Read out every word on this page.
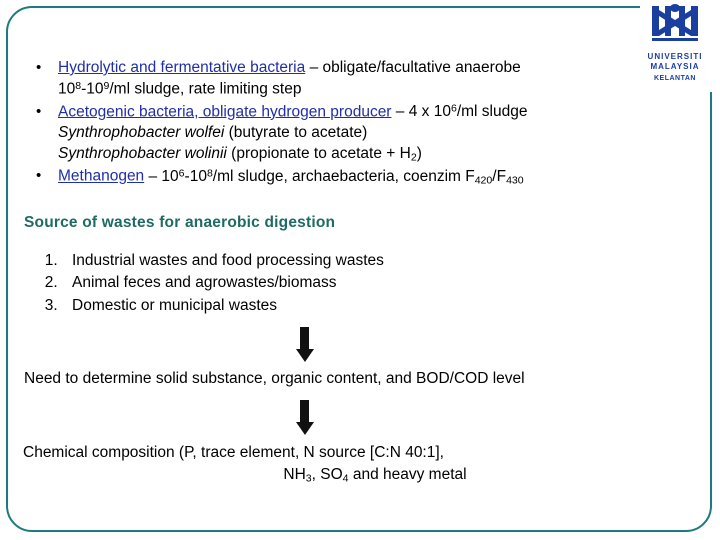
UNIVERSITI
MALAYSIA
KELANTAN
• Hydrolytic and fermentative bacteria – obligate/facultative anaerobe
$10^8-10^9/ml$ sludge, rate limiting step
• Acetogenic bacteria, obligate hydrogen producer – 4 x $10^6/ml$ sludge
Synthrophobacter wolfei (butyrate to acetate)
Synthrophobacter wolinii (propionate to acetate + $H_2$)
• Methanogen – $10^6-10^8/ml$ sludge, archaebacteria, coenzim $F_{420}/F_{430}$
Source of wastes for anaerobic digestion
1. Industrial wastes and food processing wastes
2. Animal feces and agrowastes/biomass
3. Domestic or municipal wastes

Need to determine solid substance, organic content, and BOD/COD level

Chemical composition (P, trace element, N source [C:N 40:1],
$NH_3$, $SO_4$ and heavy metal
